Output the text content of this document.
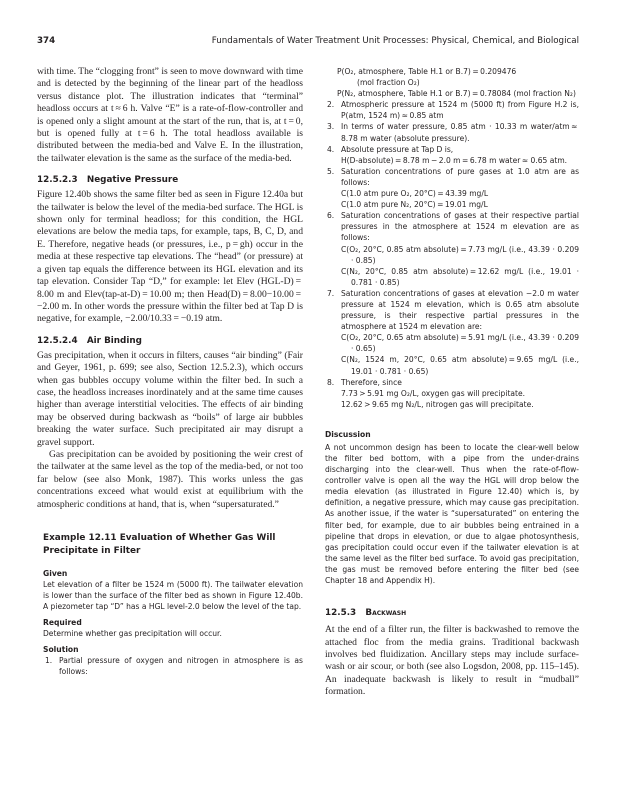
374	Fundamentals of Water Treatment Unit Processes: Physical, Chemical, and Biological

with time. The “clogging front” is seen to move downward with time and is detected by the beginning of the linear part of the headloss versus distance plot. The illustration indicates that “terminal” headloss occurs at t ≈ 6 h. Valve “E” is a rate-of-flow-controller and is opened only a slight amount at the start of the run, that is, at t = 0, but is opened fully at t = 6 h. The total headloss available is distributed between the media-bed and Valve E. In the illustration, the tailwater elevation is the same as the surface of the media-bed.

12.5.2.3 Negative Pressure

Figure 12.40b shows the same filter bed as seen in Figure 12.40a but the tailwater is below the level of the media-bed surface. The HGL is shown only for terminal headloss; for this condition, the HGL elevations are below the media taps, for example, taps, B, C, D, and E. Therefore, negative heads (or pressures, i.e., p = gh) occur in the media at these respective tap elevations. The “head” (or pressure) at a given tap equals the difference between its HGL elevation and its tap elevation. Consider Tap “D,” for example: let Elev (HGL-D) = 8.00 m and Elev(tap-at-D) = 10.00 m; then Head(D) = 8.00−10.00 = −2.00 m. In other words the pressure within the filter bed at Tap D is negative, for example, −2.00/10.33 = −0.19 atm.

12.5.2.4 Air Binding

Gas precipitation, when it occurs in filters, causes “air binding” (Fair and Geyer, 1961, p. 699; see also, Section 12.5.2.3), which occurs when gas bubbles occupy volume within the filter bed. In such a case, the headloss increases inordinately and at the same time causes higher than average interstitial velocities. The effects of air binding may be observed during backwash as “boils” of large air bubbles breaking the water surface. Such precipitated air may disrupt a gravel support.

Gas precipitation can be avoided by positioning the weir crest of the tailwater at the same level as the top of the media-bed, or not too far below (see also Monk, 1987). This works unless the gas concentrations exceed what would exist at equilibrium with the atmospheric conditions at hand, that is, when “supersaturated.”

Example 12.11 Evaluation of Whether Gas Will Precipitate in Filter
Given

Let elevation of a filter be 1524 m (5000 ft). The tailwater elevation is lower than the surface of the filter bed as shown in Figure 12.40b. A piezometer tap “D” has a HGL level-2.0 below the level of the tap.

Required

Determine whether gas precipitation will occur.

Solution
1. Partial pressure of oxygen and nitrogen in atmosphere is as follows:
P(O₂, atmosphere, Table H.1 or B.7) = 0.209476
(mol fraction O₂)
P(N₂, atmosphere, Table H.1 or B.7) = 0.78084 (mol fraction N₂)
2. Atmospheric pressure at 1524 m (5000 ft) from Figure H.2 is, P(atm, 1524 m) ≈ 0.85 atm
3. In terms of water pressure, 0.85 atm · 10.33 m water/atm ≈ 8.78 m water (absolute pressure).
4. Absolute pressure at Tap D is,
H(D-absolute) = 8.78 m − 2.0 m = 6.78 m water ≈ 0.65 atm.
5. Saturation concentrations of pure gases at 1.0 atm are as follows:
C(1.0 atm pure O₂, 20°C) = 43.39 mg/L
C(1.0 atm pure N₂, 20°C) = 19.01 mg/L
6. Saturation concentrations of gases at their respective partial pressures in the atmosphere at 1524 m elevation are as follows:
C(O₂, 20°C, 0.85 atm absolute) = 7.73 mg/L (i.e., 43.39 · 0.209 · 0.85)
C(N₂, 20°C, 0.85 atm absolute) = 12.62 mg/L (i.e., 19.01 · 0.781 · 0.85)
7. Saturation concentrations of gases at elevation −2.0 m water pressure at 1524 m elevation, which is 0.65 atm absolute pressure, is their respective partial pressures in the atmosphere at 1524 m elevation are:
C(O₂, 20°C, 0.65 atm absolute) = 5.91 mg/L (i.e., 43.39 · 0.209 · 0.65)
C(N₂, 1524 m, 20°C, 0.65 atm absolute) = 9.65 mg/L (i.e., 19.01 · 0.781 · 0.65)
8. Therefore, since
7.73 > 5.91 mg O₂/L, oxygen gas will precipitate.
12.62 > 9.65 mg N₂/L, nitrogen gas will precipitate.
Discussion

A not uncommon design has been to locate the clear-well below the filter bed bottom, with a pipe from the under-drains discharging into the clear-well. Thus when the rate-of-flow-controller valve is open all the way the HGL will drop below the media elevation (as illustrated in Figure 12.40) which is, by definition, a negative pressure, which may cause gas precipitation. As another issue, if the water is “supersaturated” on entering the filter bed, for example, due to air bubbles being entrained in a pipeline that drops in elevation, or due to algae photosynthesis, gas precipitation could occur even if the tailwater elevation is at the same level as the filter bed surface. To avoid gas precipitation, the gas must be removed before entering the filter bed (see Chapter 18 and Appendix H).

12.5.3 Backwash

At the end of a filter run, the filter is backwashed to remove the attached floc from the media grains. Traditional backwash involves bed fluidization. Ancillary steps may include surface-wash or air scour, or both (see also Logsdon, 2008, pp. 115–145). An inadequate backwash is likely to result in “mudball” formation.
